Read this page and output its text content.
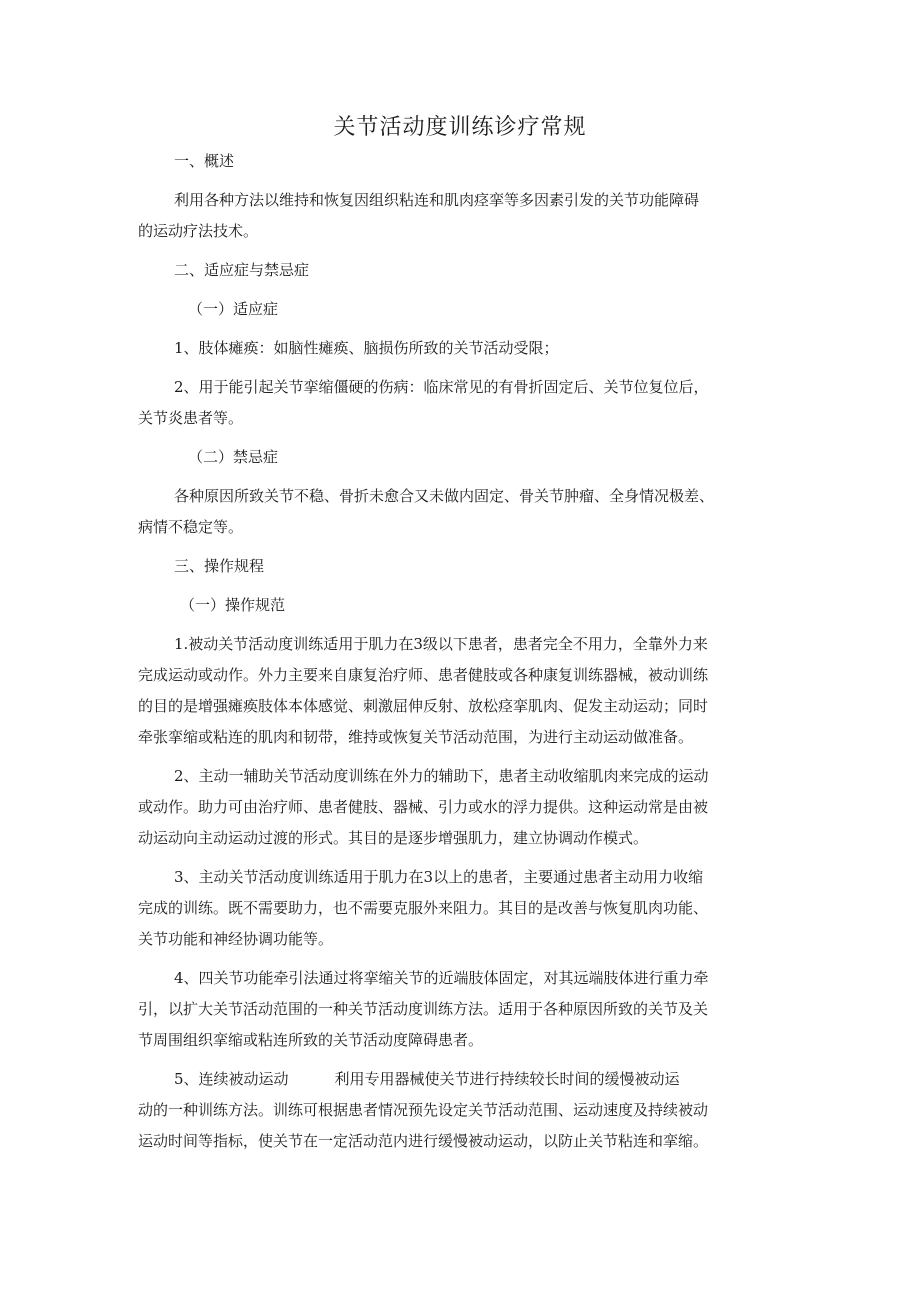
关节活动度训练诊疗常规

一、概述

利用各种方法以维持和恢复因组织粘连和肌肉痉挛等多因素引发的关节功能障碍

的运动疗法技术。

二、适应症与禁忌症

（一）适应症

1、肢体瘫痪：如脑性瘫痪、脑损伤所致的关节活动受限；

2、用于能引起关节挛缩僵硬的伤病：临床常见的有骨折固定后、关节位复位后，

关节炎患者等。

（二）禁忌症

各种原因所致关节不稳、骨折未愈合又未做内固定、骨关节肿瘤、全身情况极差、

病情不稳定等。

三、操作规程

（一）操作规范

1.被动关节活动度训练适用于肌力在3级以下患者，患者完全不用力，全靠外力来

完成运动或动作。外力主要来自康复治疗师、患者健肢或各种康复训练器械，被动训练

的目的是增强瘫痪肢体本体感觉、刺激屈伸反射、放松痉挛肌肉、促发主动运动；同时

牵张挛缩或粘连的肌肉和韧带，维持或恢复关节活动范围，为进行主动运动做准备。

2、主动一辅助关节活动度训练在外力的辅助下，患者主动收缩肌肉来完成的运动

或动作。助力可由治疗师、患者健肢、器械、引力或水的浮力提供。这种运动常是由被

动运动向主动运动过渡的形式。其目的是逐步增强肌力，建立协调动作模式。

3、主动关节活动度训练适用于肌力在3以上的患者，主要通过患者主动用力收缩

完成的训练。既不需要助力，也不需要克服外来阻力。其目的是改善与恢复肌肉功能、

关节功能和神经协调功能等。

4、四关节功能牵引法通过将挛缩关节的近端肢体固定，对其远端肢体进行重力牵

引，以扩大关节活动范围的一种关节活动度训练方法。适用于各种原因所致的关节及关

节周围组织挛缩或粘连所致的关节活动度障碍患者。

5、连续被动运动	利用专用器械使关节进行持续较长时间的缓慢被动运

动的一种训练方法。训练可根据患者情况预先设定关节活动范围、运动速度及持续被动

运动时间等指标，使关节在一定活动范内进行缓慢被动运动，以防止关节粘连和挛缩。
